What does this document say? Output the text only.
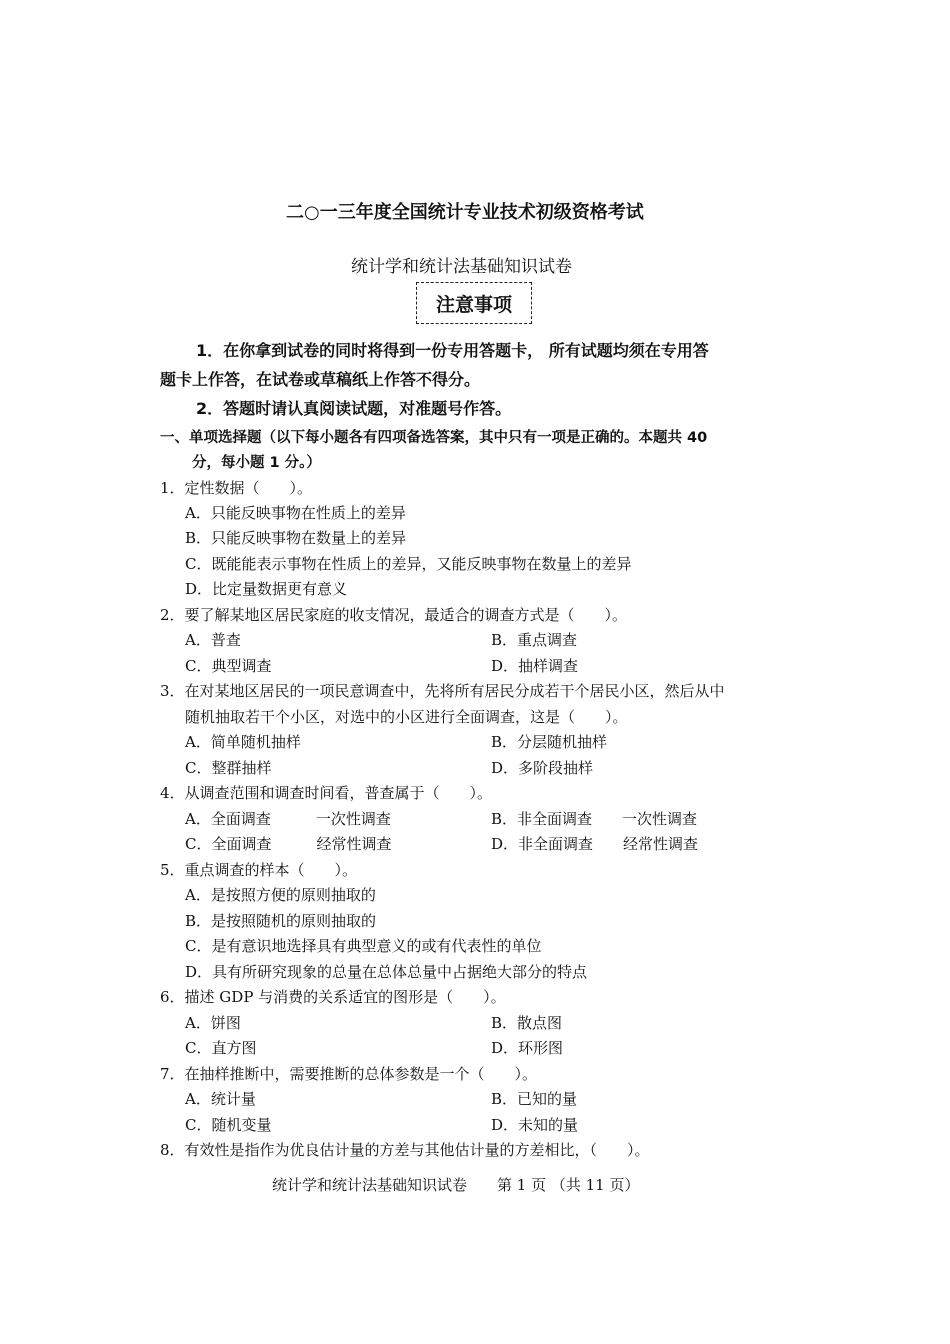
二○一三年度全国统计专业技术初级资格考试
统计学和统计法基础知识试卷
注意事项
1．在你拿到试卷的同时将得到一份专用答题卡， 所有试题均须在专用答
题卡上作答，在试卷或草稿纸上作答不得分。
2．答题时请认真阅读试题，对准题号作答。
一、单项选择题（以下每小题各有四项备选答案，其中只有一项是正确的。本题共 40
分，每小题 1 分。）
1．定性数据（　　）。
A．只能反映事物在性质上的差异
B．只能反映事物在数量上的差异
C．既能能表示事物在性质上的差异，又能反映事物在数量上的差异
D．比定量数据更有意义
2．要了解某地区居民家庭的收支情况，最适合的调查方式是（　　）。
A．普查	B．重点调查
C．典型调查	D．抽样调查
3．在对某地区居民的一项民意调查中，先将所有居民分成若干个居民小区，然后从中
随机抽取若干个小区，对选中的小区进行全面调查，这是（　　）。
A．简单随机抽样	B．分层随机抽样
C．整群抽样	D．多阶段抽样
4．从调查范围和调查时间看，普查属于（　　）。
A．全面调查　　　一次性调查	B．非全面调查　　一次性调查
C．全面调查　　　经常性调查	D．非全面调查　　经常性调查
5．重点调查的样本（　　）。
A．是按照方便的原则抽取的
B．是按照随机的原则抽取的
C．是有意识地选择具有典型意义的或有代表性的单位
D．具有所研究现象的总量在总体总量中占据绝大部分的特点
6．描述 GDP 与消费的关系适宜的图形是（　　）。
A．饼图	B．散点图
C．直方图	D．环形图
7．在抽样推断中，需要推断的总体参数是一个（　　）。
A．统计量	B．已知的量
C．随机变量	D．未知的量
8．有效性是指作为优良估计量的方差与其他估计量的方差相比，（　　）。
统计学和统计法基础知识试卷　　第 1 页 （共 11 页）
